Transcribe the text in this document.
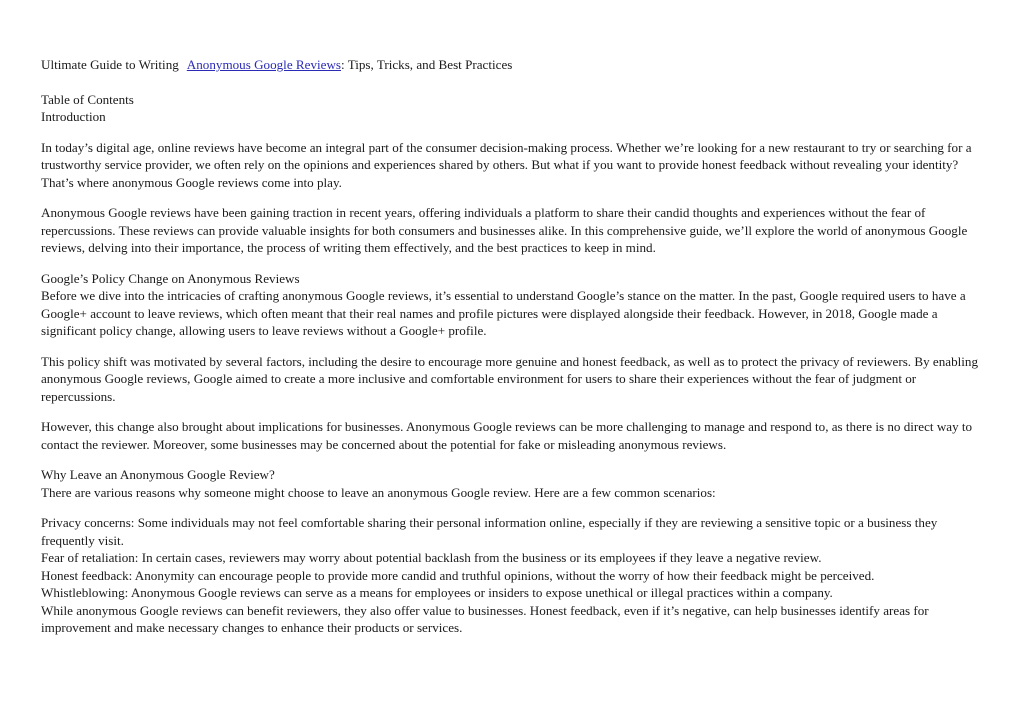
Ultimate Guide to Writing Anonymous Google Reviews: Tips, Tricks, and Best Practices
Table of Contents
Introduction

In today’s digital age, online reviews have become an integral part of the consumer decision-making process. Whether we’re looking for a new restaurant to try or searching for a trustworthy service provider, we often rely on the opinions and experiences shared by others. But what if you want to provide honest feedback without revealing your identity? That’s where anonymous Google reviews come into play.

Anonymous Google reviews have been gaining traction in recent years, offering individuals a platform to share their candid thoughts and experiences without the fear of repercussions. These reviews can provide valuable insights for both consumers and businesses alike. In this comprehensive guide, we’ll explore the world of anonymous Google reviews, delving into their importance, the process of writing them effectively, and the best practices to keep in mind.

Google’s Policy Change on Anonymous Reviews
Before we dive into the intricacies of crafting anonymous Google reviews, it’s essential to understand Google’s stance on the matter. In the past, Google required users to have a Google+ account to leave reviews, which often meant that their real names and profile pictures were displayed alongside their feedback. However, in 2018, Google made a significant policy change, allowing users to leave reviews without a Google+ profile.

This policy shift was motivated by several factors, including the desire to encourage more genuine and honest feedback, as well as to protect the privacy of reviewers. By enabling anonymous Google reviews, Google aimed to create a more inclusive and comfortable environment for users to share their experiences without the fear of judgment or repercussions.

However, this change also brought about implications for businesses. Anonymous Google reviews can be more challenging to manage and respond to, as there is no direct way to contact the reviewer. Moreover, some businesses may be concerned about the potential for fake or misleading anonymous reviews.

Why Leave an Anonymous Google Review?
There are various reasons why someone might choose to leave an anonymous Google review. Here are a few common scenarios:

Privacy concerns: Some individuals may not feel comfortable sharing their personal information online, especially if they are reviewing a sensitive topic or a business they frequently visit.

Fear of retaliation: In certain cases, reviewers may worry about potential backlash from the business or its employees if they leave a negative review.

Honest feedback: Anonymity can encourage people to provide more candid and truthful opinions, without the worry of how their feedback might be perceived.

Whistleblowing: Anonymous Google reviews can serve as a means for employees or insiders to expose unethical or illegal practices within a company.

While anonymous Google reviews can benefit reviewers, they also offer value to businesses. Honest feedback, even if it’s negative, can help businesses identify areas for improvement and make necessary changes to enhance their products or services.
